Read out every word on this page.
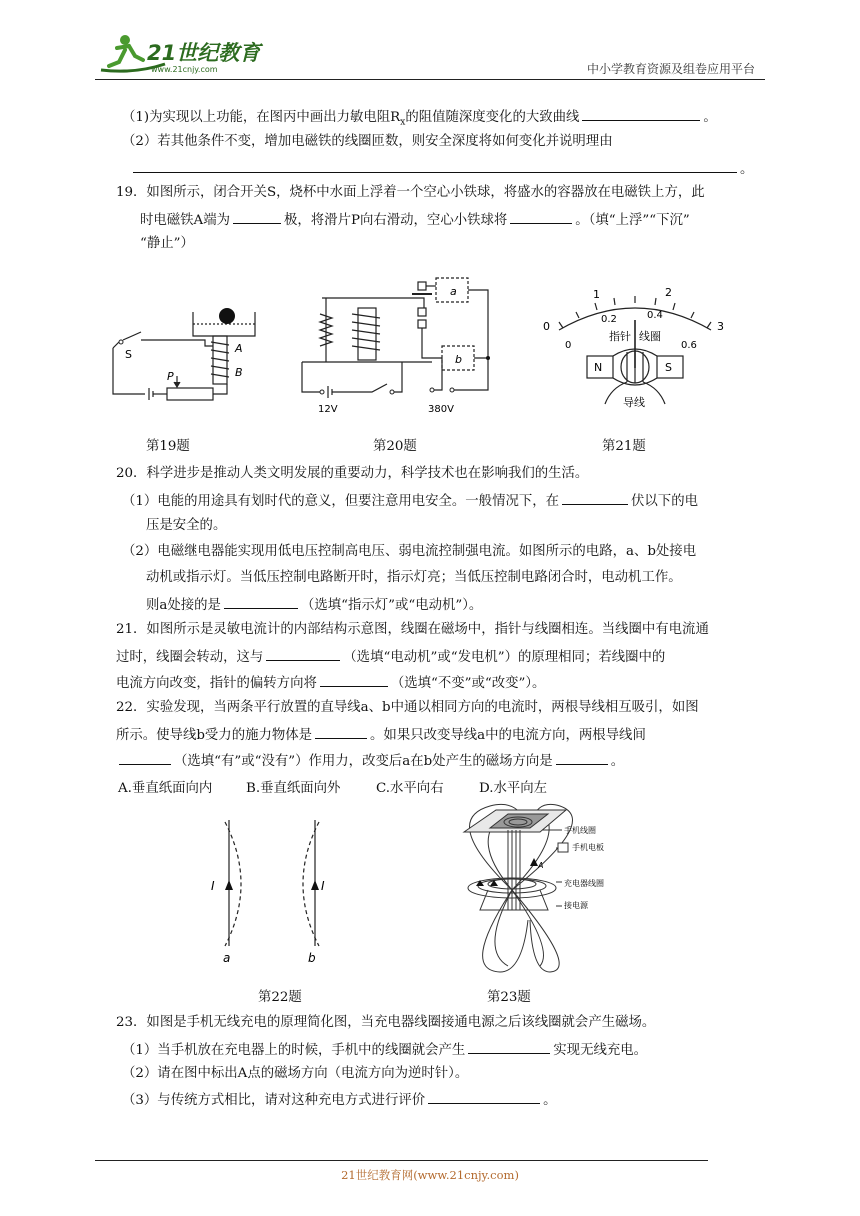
21世纪教育
www.21cnjy.com	中小学教育资源及组卷应用平台
（1)为实现以上功能，在图丙中画出力敏电阻$R_x$的阻值随深度变化的大致曲线	。
（2）若其他条件不变，增加电磁铁的线圈匝数，则安全深度将如何变化并说明理由
。
19．如图所示，闭合开关S，烧杯中水面上浮着一个空心小铁球，将盛水的容器放在电磁铁上方，此
时电磁铁A端为	极，将滑片P向右滑动，空心小铁球将	。（填“上浮”“下沉”
“静止”）
S	A
B
P
a
b
12V	380V
0
1	2
3
0.2	0.4
0	0.6
指针 线圈
N	S
导线
第19题	第20题	第21题
20．科学进步是推动人类文明发展的重要动力，科学技术也在影响我们的生活。
（1）电能的用途具有划时代的意义，但要注意用电安全。一般情况下，在	伏以下的电
压是安全的。
（2）电磁继电器能实现用低电压控制高电压、弱电流控制强电流。如图所示的电路，a、b处接电
动机或指示灯。当低压控制电路断开时，指示灯亮；当低压控制电路闭合时，电动机工作。
则a处接的是	（选填“指示灯”或“电动机”）。
21．如图所示是灵敏电流计的内部结构示意图，线圈在磁场中，指针与线圈相连。当线圈中有电流通
过时，线圈会转动，这与	（选填“电动机”或“发电机”）的原理相同；若线圈中的
电流方向改变，指针的偏转方向将	（选填“不变”或“改变”）。
22．实验发现，当两条平行放置的直导线a、b中通以相同方向的电流时，两根导线相互吸引，如图
所示。使导线b受力的施力物体是	。如果只改变导线a中的电流方向，两根导线间
（选填“有”或“没有”）作用力，改变后a在b处产生的磁场方向是	。
A.垂直纸面向内	B.垂直纸面向外	C.水平向右	D.水平向左
I	I
a	b
手机线圈
手机电板
A
充电器线圈
接电源
第22题	第23题
23．如图是手机无线充电的原理简化图，当充电器线圈接通电源之后该线圈就会产生磁场。
（1）当手机放在充电器上的时候，手机中的线圈就会产生	实现无线充电。
（2）请在图中标出A点的磁场方向（电流方向为逆时针）。
（3）与传统方式相比，请对这种充电方式进行评价	。
21世纪教育网(www.21cnjy.com)
